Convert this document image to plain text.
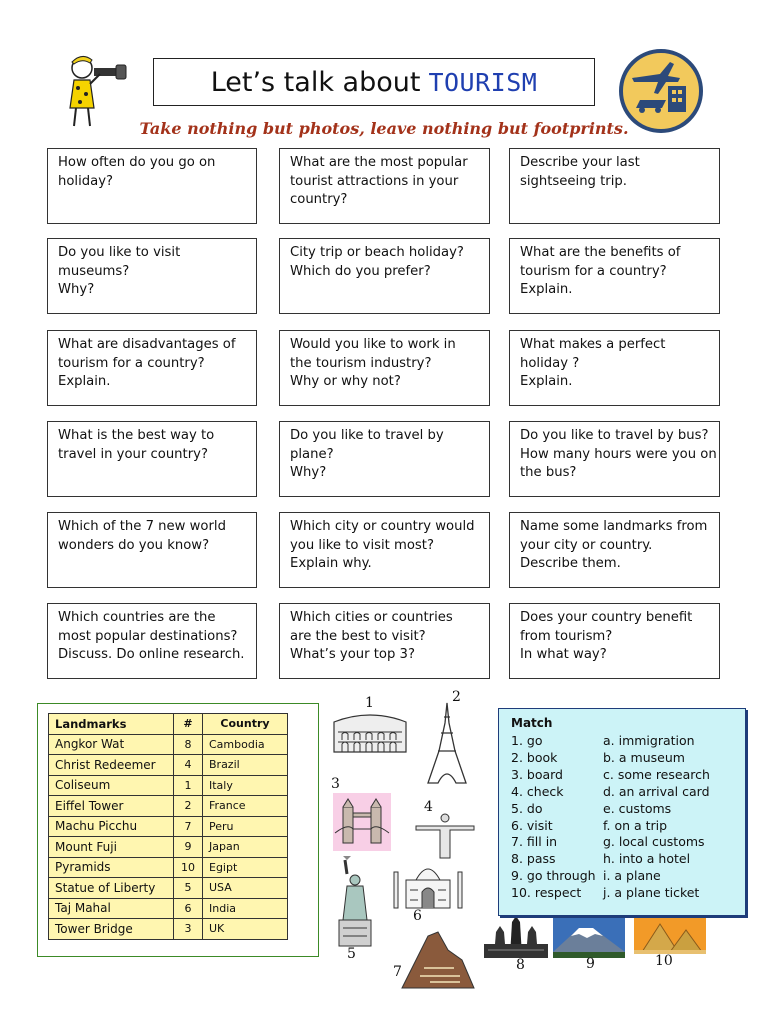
Let’s talk about TOURISM
Take nothing but photos, leave nothing but footprints.
How often do you go on
holiday?
What are the most popular
tourist attractions in your
country?
Describe your last
sightseeing trip.
Do you like to visit
museums?
Why?
City trip or beach holiday?
Which do you prefer?
What are the benefits of
tourism for a country?
Explain.
What are disadvantages of
tourism for a country?
Explain.
Would you like to work in
the tourism industry?
Why or why not?
What makes a perfect
holiday ?
Explain.
What is the best way to
travel in your country?
Do you like to travel by
plane?
Why?
Do you like to travel by bus?
How many hours were you on
the bus?
Which of the 7 new world
wonders do you know?
Which city or country would
you like to visit most?
Explain why.
Name some landmarks from
your city or country.
Describe them.
Which countries are the
most popular destinations?
Discuss. Do online research.
Which cities or countries
are the best to visit?
What’s your top 3?
Does your country benefit
from tourism?
In what way?
Landmarks	#	Country
Angkor Wat	8	Cambodia
Christ Redeemer	4	Brazil
Coliseum	1	Italy
Eiffel Tower	2	France
Machu Picchu	7	Peru
Mount Fuji	9	Japan
Pyramids	10	Egipt
Statue of Liberty	5	USA
Taj Mahal	6	India
Tower Bridge	3	UK
1	2
3
4
5
6
7	8	9	10
Match
1. go	a. immigration
2. book	b. a museum
3. board	c. some research
4. check	d. an arrival card
5. do	e. customs
6. visit	f. on a trip
7. fill in	g. local customs
8. pass	h. into a hotel
9. go through i. a plane
10. respect j. a plane ticket
